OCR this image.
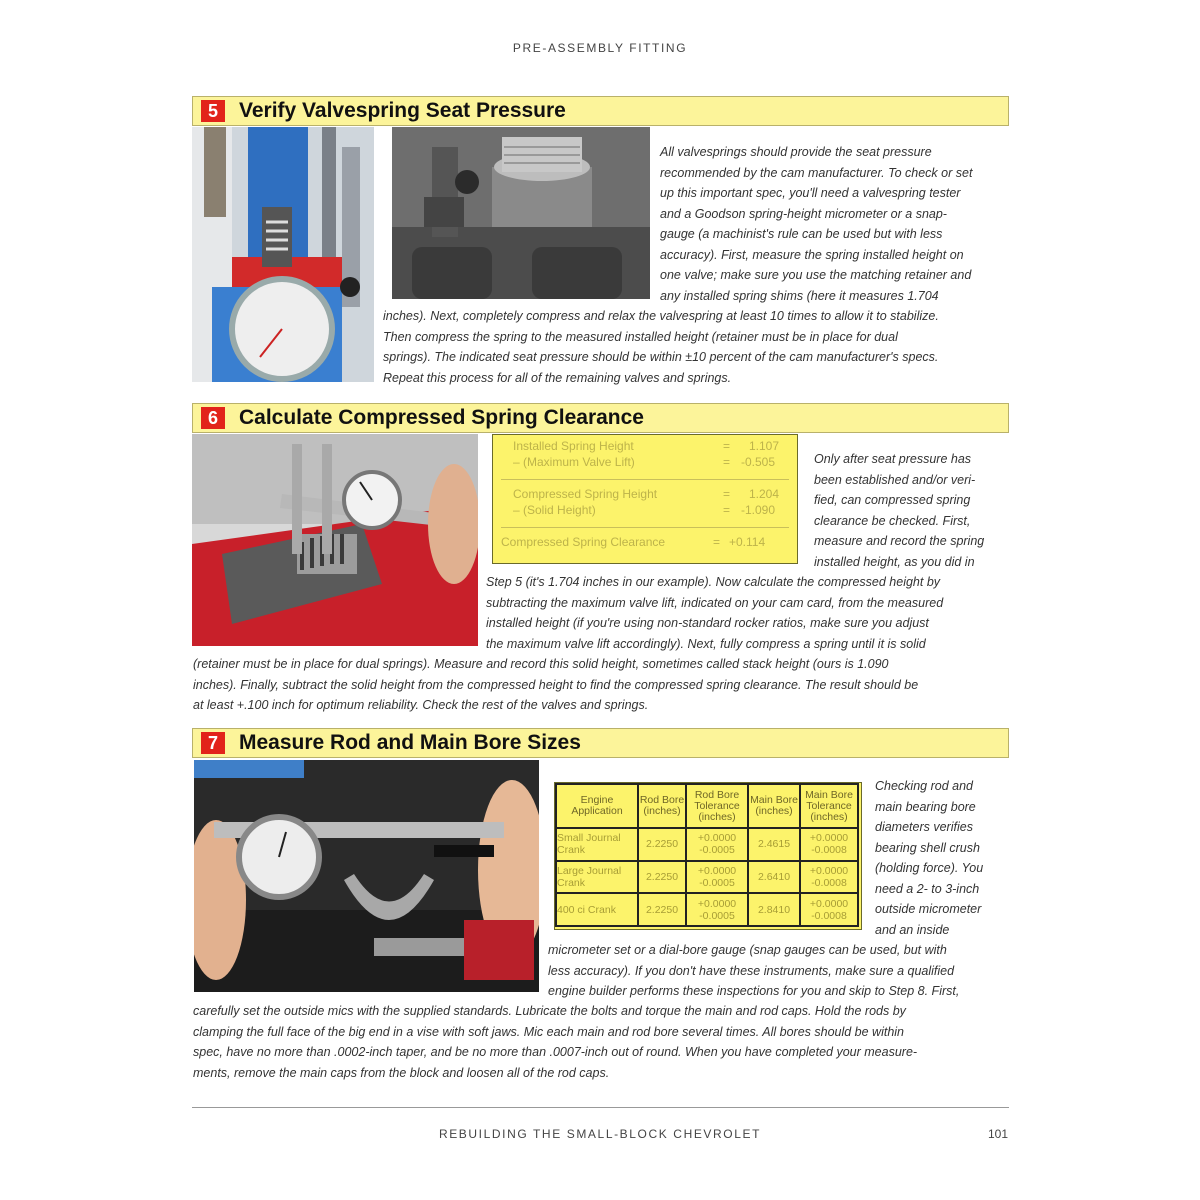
PRE-ASSEMBLY FITTING
5	Verify Valvespring Seat Pressure
All valvesprings should provide the seat pressure
recommended by the cam manufacturer. To check or set
up this important spec, you'll need a valvespring tester
and a Goodson spring-height micrometer or a snap-
gauge (a machinist's rule can be used but with less
accuracy). First, measure the spring installed height on
one valve; make sure you use the matching retainer and
any installed spring shims (here it measures 1.704
inches). Next, completely compress and relax the valvespring at least 10 times to allow it to stabilize.
Then compress the spring to the measured installed height (retainer must be in place for dual
springs). The indicated seat pressure should be within ±10 percent of the cam manufacturer's specs.
Repeat this process for all of the remaining valves and springs.
6	Calculate Compressed Spring Clearance
Installed Spring Height	= 1.107
– (Maximum Valve Lift)	= -0.505
Compressed Spring Height	= 1.204
– (Solid Height)	= -1.090
Compressed Spring Clearance	= +0.114
Only after seat pressure has
been established and/or veri-
fied, can compressed spring
clearance be checked. First,
measure and record the spring
installed height, as you did in
Step 5 (it's 1.704 inches in our example). Now calculate the compressed height by
subtracting the maximum valve lift, indicated on your cam card, from the measured
installed height (if you're using non-standard rocker ratios, make sure you adjust
the maximum valve lift accordingly). Next, fully compress a spring until it is solid
(retainer must be in place for dual springs). Measure and record this solid height, sometimes called stack height (ours is 1.090
inches). Finally, subtract the solid height from the compressed height to find the compressed spring clearance. The result should be
at least +.100 inch for optimum reliability. Check the rest of the valves and springs.
7	Measure Rod and Main Bore Sizes
Engine Application	Rod Bore (inches)	Rod Bore Tolerance (inches)	Main Bore (inches)	Main Bore Tolerance (inches)
Small Journal Crank	2.2250	+0.0000 -0.0005	2.4615	+0.0000 -0.0008
Large Journal Crank	2.2250	+0.0000 -0.0005	2.6410	+0.0000 -0.0008
400 ci Crank	2.2250	+0.0000 -0.0005	2.8410	+0.0000 -0.0008
Checking rod and
main bearing bore
diameters verifies
bearing shell crush
(holding force). You
need a 2- to 3-inch
outside micrometer
and an inside
micrometer set or a dial-bore gauge (snap gauges can be used, but with
less accuracy). If you don't have these instruments, make sure a qualified
engine builder performs these inspections for you and skip to Step 8. First,
carefully set the outside mics with the supplied standards. Lubricate the bolts and torque the main and rod caps. Hold the rods by
clamping the full face of the big end in a vise with soft jaws. Mic each main and rod bore several times. All bores should be within
spec, have no more than .0002-inch taper, and be no more than .0007-inch out of round. When you have completed your measure-
ments, remove the main caps from the block and loosen all of the rod caps.
REBUILDING THE SMALL-BLOCK CHEVROLET	101
